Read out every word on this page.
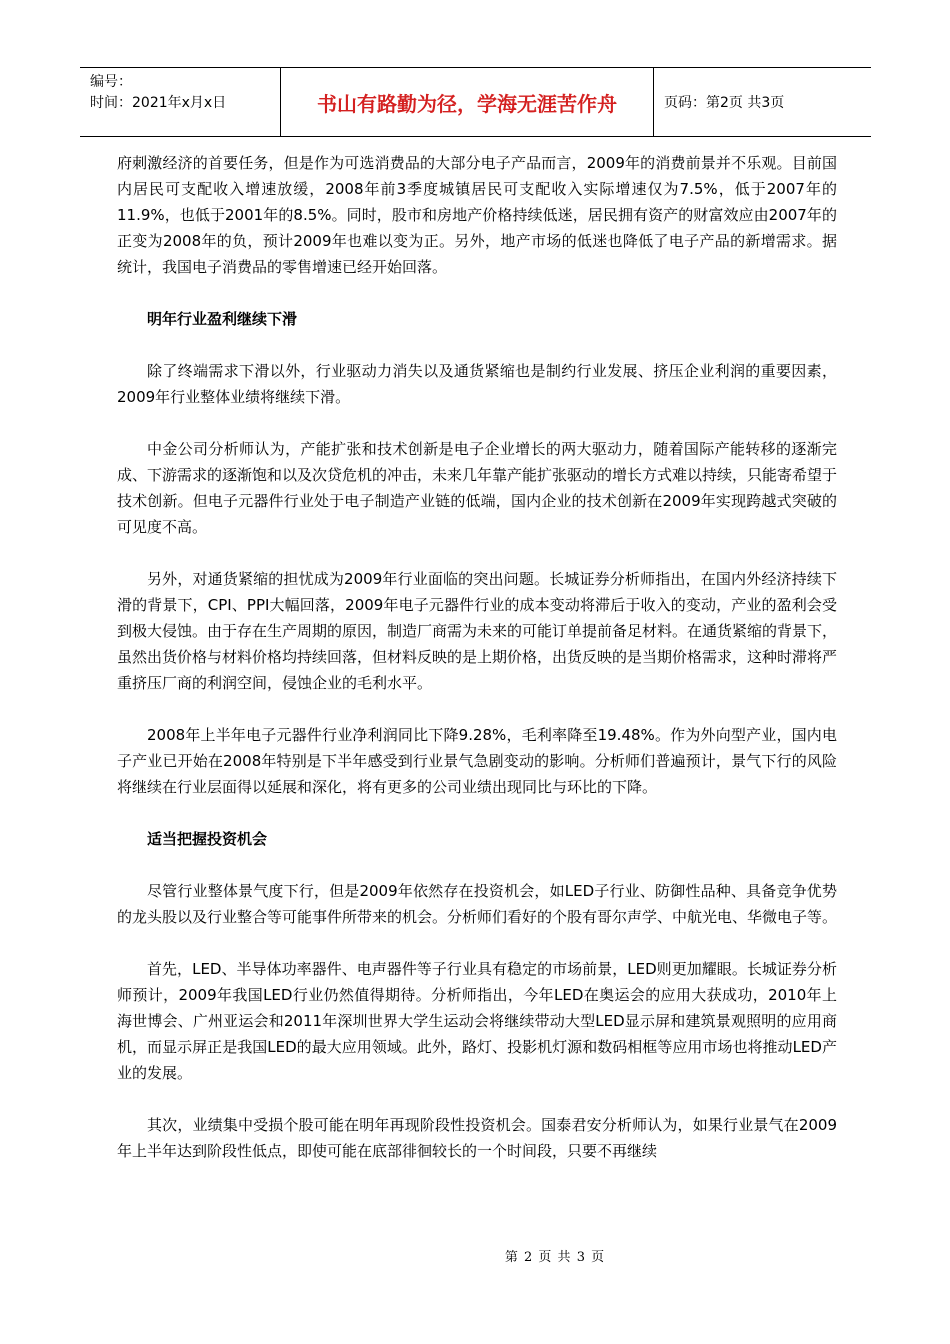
编号：
时间：2021年x月x日	书山有路勤为径，学海无涯苦作舟	页码：第2页 共3页

府刺激经济的首要任务，但是作为可选消费品的大部分电子产品而言，2009年的消费前景并不乐观。目前国内居民可支配收入增速放缓，2008年前3季度城镇居民可支配收入实际增速仅为7.5%，低于2007年的11.9%，也低于2001年的8.5%。同时，股市和房地产价格持续低迷，居民拥有资产的财富效应由2007年的正变为2008年的负，预计2009年也难以变为正。另外，地产市场的低迷也降低了电子产品的新增需求。据统计，我国电子消费品的零售增速已经开始回落。

明年行业盈利继续下滑

除了终端需求下滑以外，行业驱动力消失以及通货紧缩也是制约行业发展、挤压企业利润的重要因素，2009年行业整体业绩将继续下滑。

中金公司分析师认为，产能扩张和技术创新是电子企业增长的两大驱动力，随着国际产能转移的逐渐完成、下游需求的逐渐饱和以及次贷危机的冲击，未来几年靠产能扩张驱动的增长方式难以持续，只能寄希望于技术创新。但电子元器件行业处于电子制造产业链的低端，国内企业的技术创新在2009年实现跨越式突破的可见度不高。

另外，对通货紧缩的担忧成为2009年行业面临的突出问题。长城证券分析师指出，在国内外经济持续下滑的背景下，CPI、PPI大幅回落，2009年电子元器件行业的成本变动将滞后于收入的变动，产业的盈利会受到极大侵蚀。由于存在生产周期的原因，制造厂商需为未来的可能订单提前备足材料。在通货紧缩的背景下，虽然出货价格与材料价格均持续回落，但材料反映的是上期价格，出货反映的是当期价格需求，这种时滞将严重挤压厂商的利润空间，侵蚀企业的毛利水平。

2008年上半年电子元器件行业净利润同比下降9.28%，毛利率降至19.48%。作为外向型产业，国内电子产业已开始在2008年特别是下半年感受到行业景气急剧变动的影响。分析师们普遍预计，景气下行的风险将继续在行业层面得以延展和深化，将有更多的公司业绩出现同比与环比的下降。

适当把握投资机会

尽管行业整体景气度下行，但是2009年依然存在投资机会，如LED子行业、防御性品种、具备竞争优势的龙头股以及行业整合等可能事件所带来的机会。分析师们看好的个股有哥尔声学、中航光电、华微电子等。

首先，LED、半导体功率器件、电声器件等子行业具有稳定的市场前景，LED则更加耀眼。长城证券分析师预计，2009年我国LED行业仍然值得期待。分析师指出，今年LED在奥运会的应用大获成功，2010年上海世博会、广州亚运会和2011年深圳世界大学生运动会将继续带动大型LED显示屏和建筑景观照明的应用商机，而显示屏正是我国LED的最大应用领域。此外，路灯、投影机灯源和数码相框等应用市场也将推动LED产业的发展。

其次，业绩集中受损个股可能在明年再现阶段性投资机会。国泰君安分析师认为，如果行业景气在2009年上半年达到阶段性低点，即使可能在底部徘徊较长的一个时间段，只要不再继续

第 2 页 共 3 页
